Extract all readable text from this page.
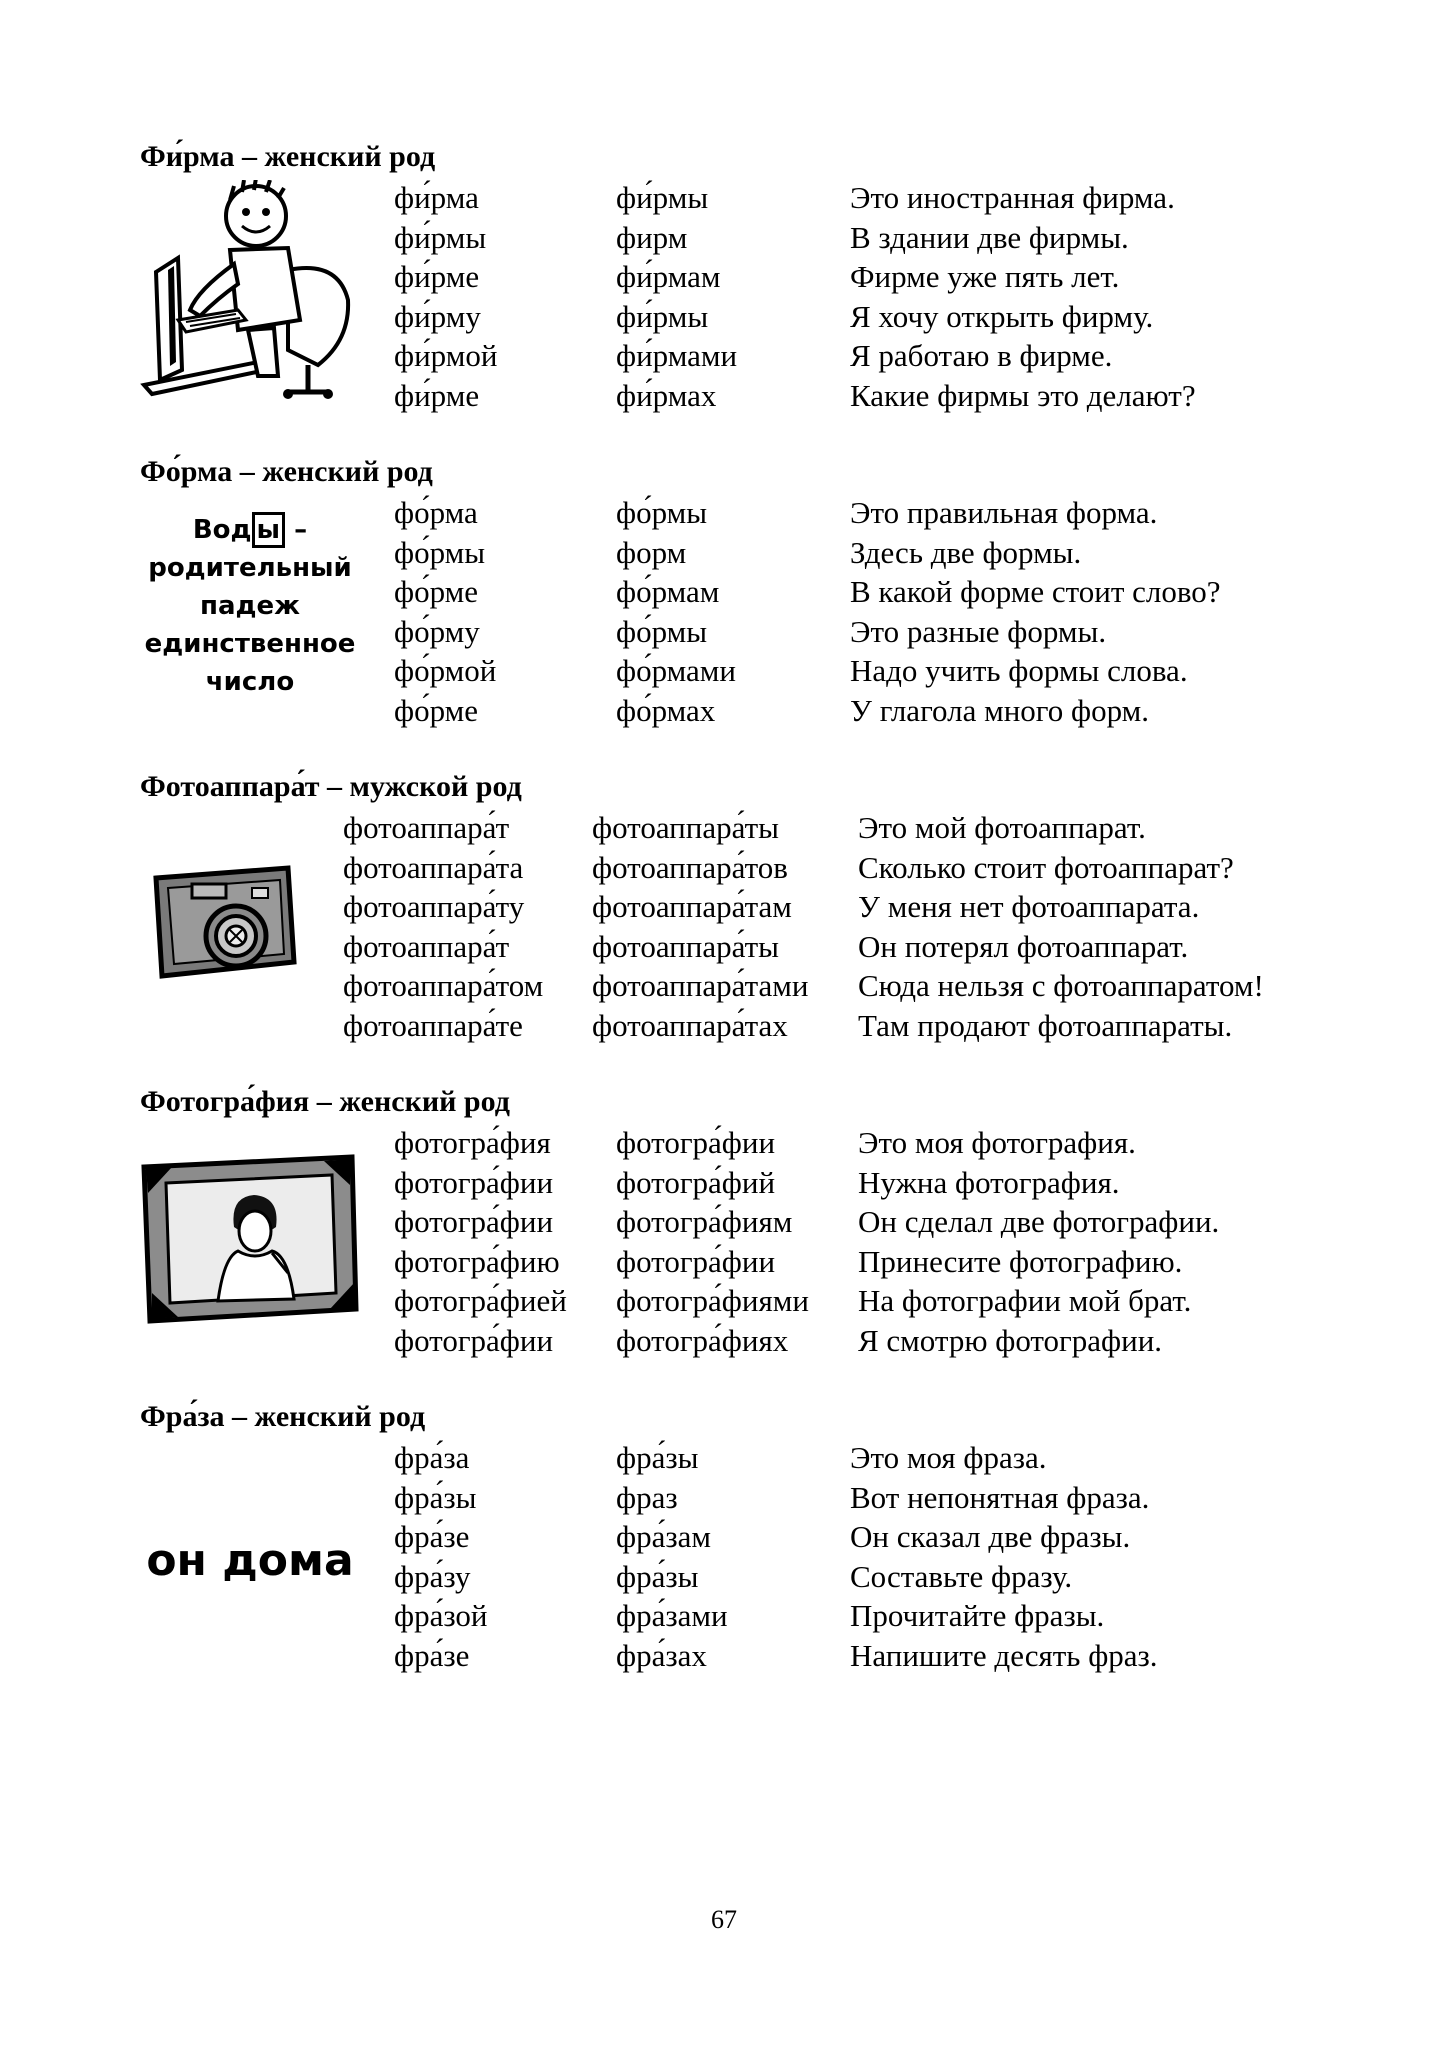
Фи́рма – женский род
фи́рма	фи́рмы	Это иностранная фирма.
фи́рмы	фирм	В здании две фирмы.
фи́рме	фи́рмам	Фирме уже пять лет.
фи́рму	фи́рмы	Я хочу открыть фирму.
фи́рмой	фи́рмами	Я работаю в фирме.
фи́рме	фи́рмах	Какие фирмы это делают?
Фо́рма – женский род
Вод ы –
родительный
падеж
единственное
число
фо́рма	фо́рмы	Это правильная форма.
фо́рмы	форм	Здесь две формы.
фо́рме	фо́рмам	В какой форме стоит слово?
фо́рму	фо́рмы	Это разные формы.
фо́рмой	фо́рмами	Надо учить формы слова.
фо́рме	фо́рмах	У глагола много форм.
Фотоаппара́т – мужской род
фотоаппара́т	фотоаппара́ты	Это мой фотоаппарат.
фотоаппара́та фотоаппара́тов Сколько стоит фотоаппарат?
фотоаппара́ту фотоаппара́там У меня нет фотоаппарата.
фотоаппара́т	фотоаппара́ты	Он потерял фотоаппарат.
фотоаппара́том фотоаппара́тами Сюда нельзя с фотоаппаратом!
фотоаппара́те фотоаппара́тах Там продают фотоаппараты.
Фотогра́фия – женский род
фотогра́фия фотогра́фии	Это моя фотография.
фотогра́фии фотогра́фий	Нужна фотография.
фотогра́фии фотогра́фиям Он сделал две фотографии.
фотогра́фию фотогра́фии	Принесите фотографию.
фотогра́фией фотогра́фиями На фотографии мой брат.
фотогра́фии фотогра́фиях Я смотрю фотографии.
Фра́за – женский род
он дома
фра́за	фра́зы	Это моя фраза.
фра́зы	фраз	Вот непонятная фраза.
фра́зе	фра́зам	Он сказал две фразы.
фра́зу	фра́зы	Составьте фразу.
фра́зой	фра́зами	Прочитайте фразы.
фра́зе	фра́зах	Напишите десять фраз.
67
